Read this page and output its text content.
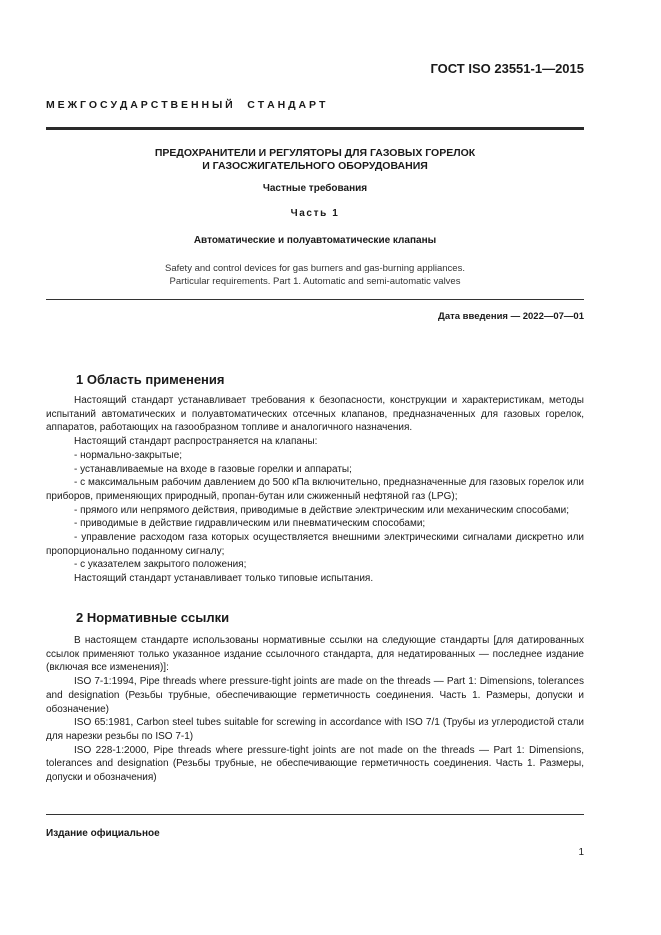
ГОСТ ISO 23551-1—2015
М Е Ж Г О С У Д А Р С Т В Е Н Н Ы Й     С Т А Н Д А Р Т
ПРЕДОХРАНИТЕЛИ И РЕГУЛЯТОРЫ ДЛЯ ГАЗОВЫХ ГОРЕЛОК
И ГАЗОСЖИГАТЕЛЬНОГО ОБОРУДОВАНИЯ
Частные требования
Часть 1
Автоматические и полуавтоматические клапаны
Safety and control devices for gas burners and gas-burning appliances.
Particular requirements. Part 1. Automatic and semi-automatic valves
Дата введения — 2022—07—01
1 Область применения

Настоящий стандарт устанавливает требования к безопасности, конструкции и характеристикам, методы испытаний автоматических и полуавтоматических отсечных клапанов, предназначенных для газовых горелок, аппаратов, работающих на газообразном топливе и аналогичного назначения.

Настоящий стандарт распространяется на клапаны:

- нормально-закрытые;

- устанавливаемые на входе в газовые горелки и аппараты;

- с максимальным рабочим давлением до 500 кПа включительно, предназначенные для газовых горелок или приборов, применяющих природный, пропан-бутан или сжиженный нефтяной газ (LPG);

- прямого или непрямого действия, приводимые в действие электрическим или механическим способами;

- приводимые в действие гидравлическим или пневматическим способами;

- управление расходом газа которых осуществляется внешними электрическими сигналами дискретно или пропорционально поданному сигналу;

- с указателем закрытого положения;

Настоящий стандарт устанавливает только типовые испытания.

2 Нормативные ссылки

В настоящем стандарте использованы нормативные ссылки на следующие стандарты [для датированных ссылок применяют только указанное издание ссылочного стандарта, для недатированных — последнее издание (включая все изменения)]:

ISO 7-1:1994, Pipe threads where pressure-tight joints are made on the threads — Part 1: Dimensions, tolerances and designation (Резьбы трубные, обеспечивающие герметичность соединения. Часть 1. Размеры, допуски и обозначение)

ISO 65:1981, Carbon steel tubes suitable for screwing in accordance with ISO 7/1 (Трубы из углеродистой стали для нарезки резьбы по ISO 7-1)

ISO 228-1:2000, Pipe threads where pressure-tight joints are not made on the threads — Part 1: Dimensions, tolerances and designation (Резьбы трубные, не обеспечивающие герметичность соединения. Часть 1. Размеры, допуски и обозначения)

Издание официальное
1
